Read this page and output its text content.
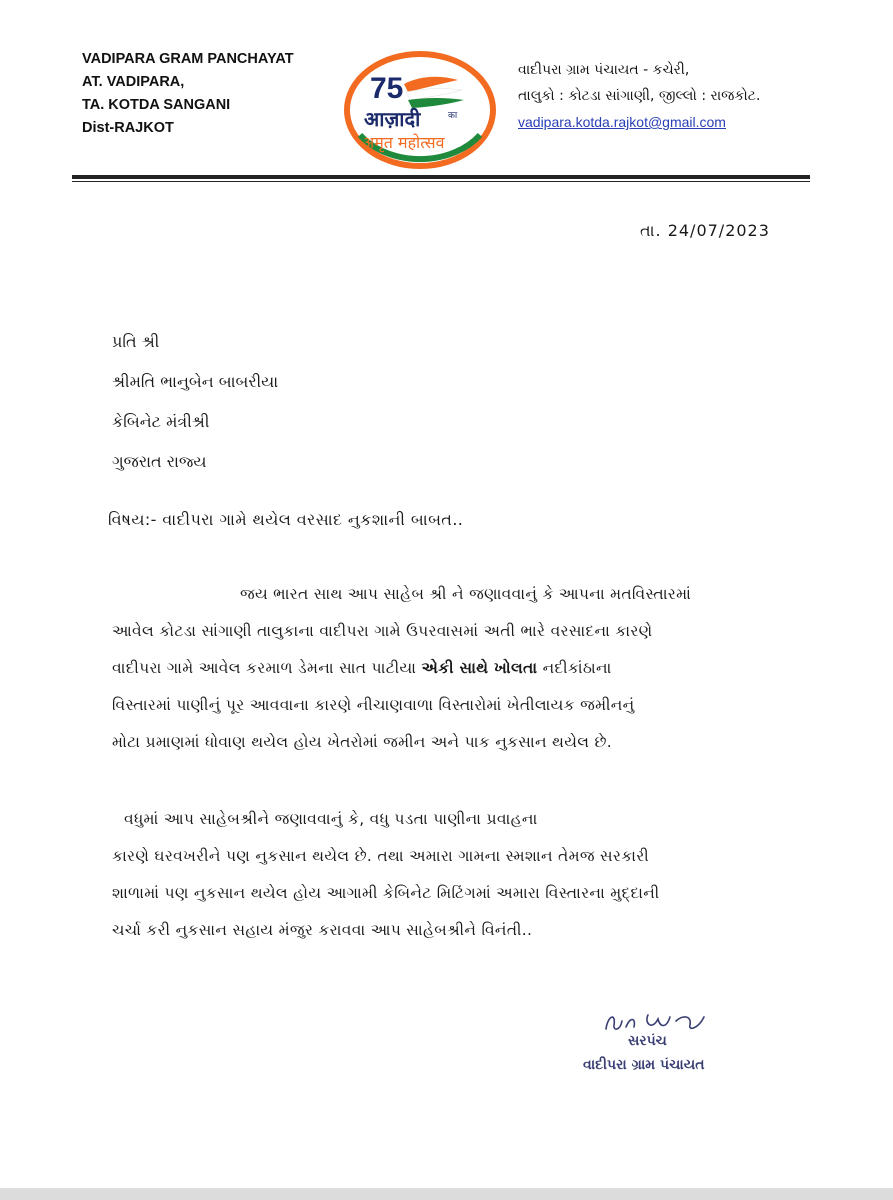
VADIPARA GRAM PANCHAYAT
AT. VADIPARA,
TA. KOTDA SANGANI
Dist-RAJKOT
75
आज़ादी	का
अमृत महोत्सव
વાદીપરા ગ્રામ પંચાયત - કચેરી,
તાલુકો : કોટડા સાંગાણી, જીલ્લો : રાજકોટ.
vadipara.kotda.rajkot@gmail.com
તા. 24/07/2023
પ્રતિ શ્રી
શ્રીમતિ ભાનુબેન બાબરીયા
કેબિનેટ મંત્રીશ્રી
ગુજરાત રાજ્ય
વિષય:- વાદીપરા ગામે થયેલ વરસાદ નુકશાની બાબત..
જય ભારત સાથ આપ સાહેબ શ્રી ને જણાવવાનું કે આપના મતવિસ્તારમાં
આવેલ કોટડા સાંગાણી તાલુકાના વાદીપરા ગામે ઉપરવાસમાં અતી ભારે વરસાદના કારણે
વાદીપરા ગામે આવેલ કરમાળ ડેમના સાત પાટીયા એકી સાથે ખોલતા નદીકાંઠાના
વિસ્તારમાં પાણીનું પૂર આવવાના કારણે નીચાણવાળા વિસ્તારોમાં ખેતીલાયક જમીનનું
મોટા પ્રમાણમાં ધોવાણ થયેલ હોય ખેતરોમાં જમીન અને પાક નુકસાન થયેલ છે.
વધુમાં આપ સાહેબશ્રીને જણાવવાનું કે, વધુ પડતા પાણીના પ્રવાહના
કારણે ઘરવખરીને પણ નુકસાન થયેલ છે. તથા અમારા ગામના સ્મશાન તેમજ સરકારી
શાળામાં પણ નુકસાન થયેલ હોય આગામી કેબિનેટ મિટિંગમાં અમારા વિસ્તારના મુદ્દાની
ચર્ચા કરી નુકસાન સહાય મંજુર કરાવવા આપ સાહેબશ્રીને વિનંતી..
સરપંચ
વાદીપરા ગ્રામ પંચાયત
